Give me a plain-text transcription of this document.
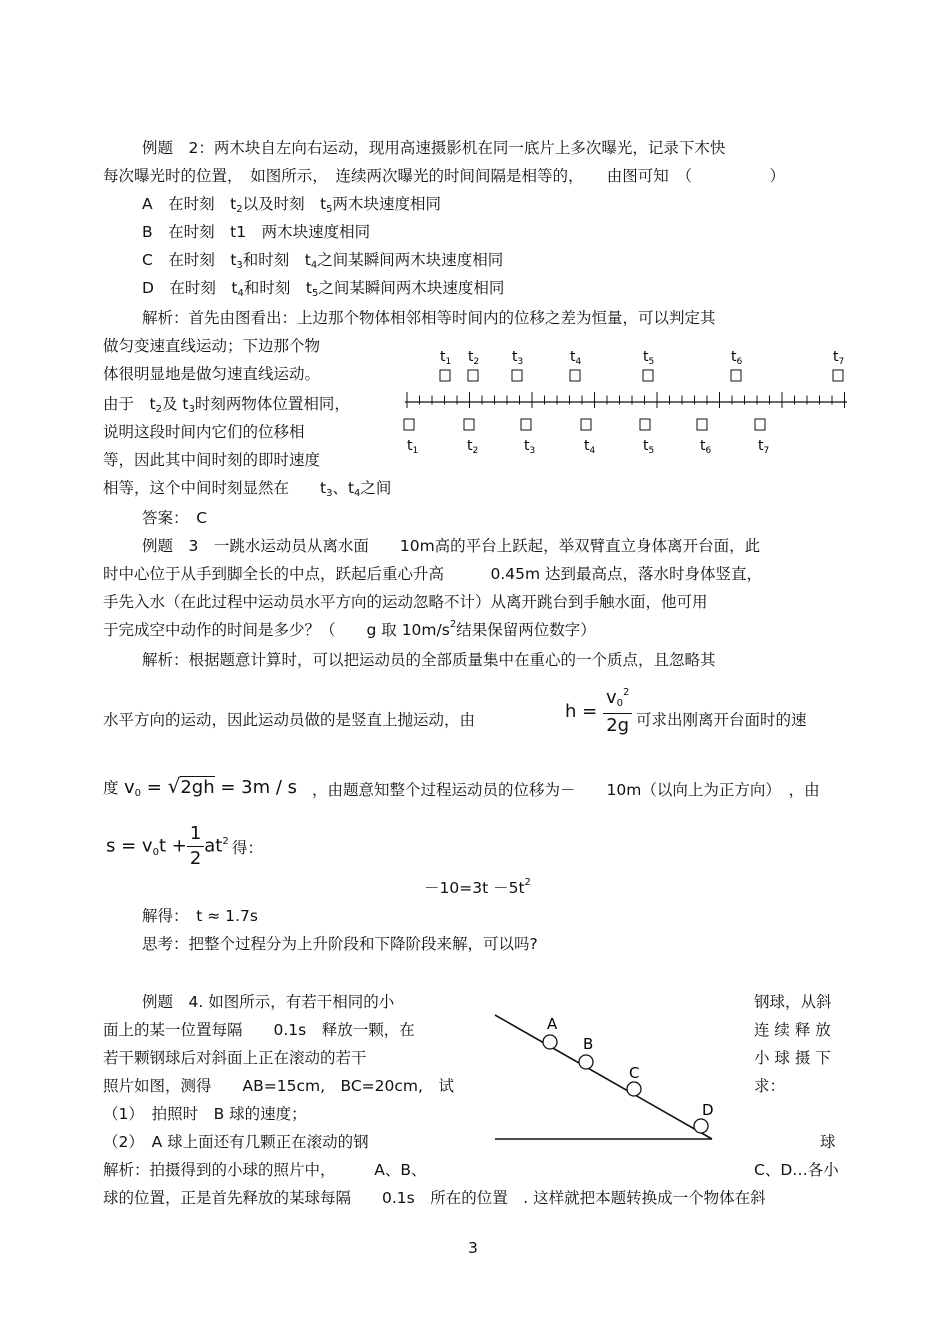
例题　2：两木块自左向右运动，现用高速摄影机在同一底片上多次曝光，记录下木快
每次曝光时的位置，　如图所示，　连续两次曝光的时间间隔是相等的，　　由图可知　（　　　　　）
A　在时刻　t2以及时刻　t5两木块速度相同
B　在时刻　t1　两木块速度相同
C　在时刻　t3和时刻　t4之间某瞬间两木块速度相同
D　在时刻　t4和时刻　t5之间某瞬间两木块速度相同
解析：首先由图看出：上边那个物体相邻相等时间内的位移之差为恒量，可以判定其
做匀变速直线运动；下边那个物
体很明显地是做匀速直线运动。
由于　t2及 t3时刻两物体位置相同，
说明这段时间内它们的位移相
等，因此其中间时刻的即时速度
相等，这个中间时刻显然在　　t3、t4之间
答案：　C
$t_1$ $t_2$ $t_3$	$t_4$	$t_5$	$t_6$	$t_7$
$t_1$	$t_2$	$t_3$	$t_4$	$t_5$	$t_6$	$t_7$
例题　3　一跳水运动员从离水面　　10m高的平台上跃起，举双臂直立身体离开台面，此
时中心位于从手到脚全长的中点，跃起后重心升高　　　0.45m 达到最高点，落水时身体竖直，
手先入水（在此过程中运动员水平方向的运动忽略不计）从离开跳台到手触水面，他可用
于完成空中动作的时间是多少？（　　g 取 $10m/s^2$结果保留两位数字）
解析：根据题意计算时，可以把运动员的全部质量集中在重心的一个质点，且忽略其
水平方向的运动，因此运动员做的是竖直上抛运动，由	$h = \frac{v0^2}{2g}$ 可求出刚离开台面时的速
度 v0 = √2gh = 3m / s ，由题意知整个过程运动员的位移为－　　10m（以向上为正方向）　，由
$s = v0t + \frac{1}{2} at^2$ 得：
$-10=3t -5t^2$
解得：　t ≈ 1.7s
思考：把整个过程分为上升阶段和下降阶段来解，可以吗?
例题　4. 如图所示，有若干相同的小	钢球，从斜
面上的某一位置每隔　　0.1s　释放一颗，在	连 续 释 放
若干颗钢球后对斜面上正在滚动的若干	小 球 摄 下
照片如图，测得　　AB=15cm,　BC=20cm,　试	求：
（1）　拍照时　B 球的速度；
（2）　A 球上面还有几颗正在滚动的钢	球
解析：拍摄得到的小球的照片中，　　　A、B、	C、D…各小
球的位置，正是首先释放的某球每隔　　0.1s　所在的位置　. 这样就把本题转换成一个物体在斜
A
B
C
D
3
